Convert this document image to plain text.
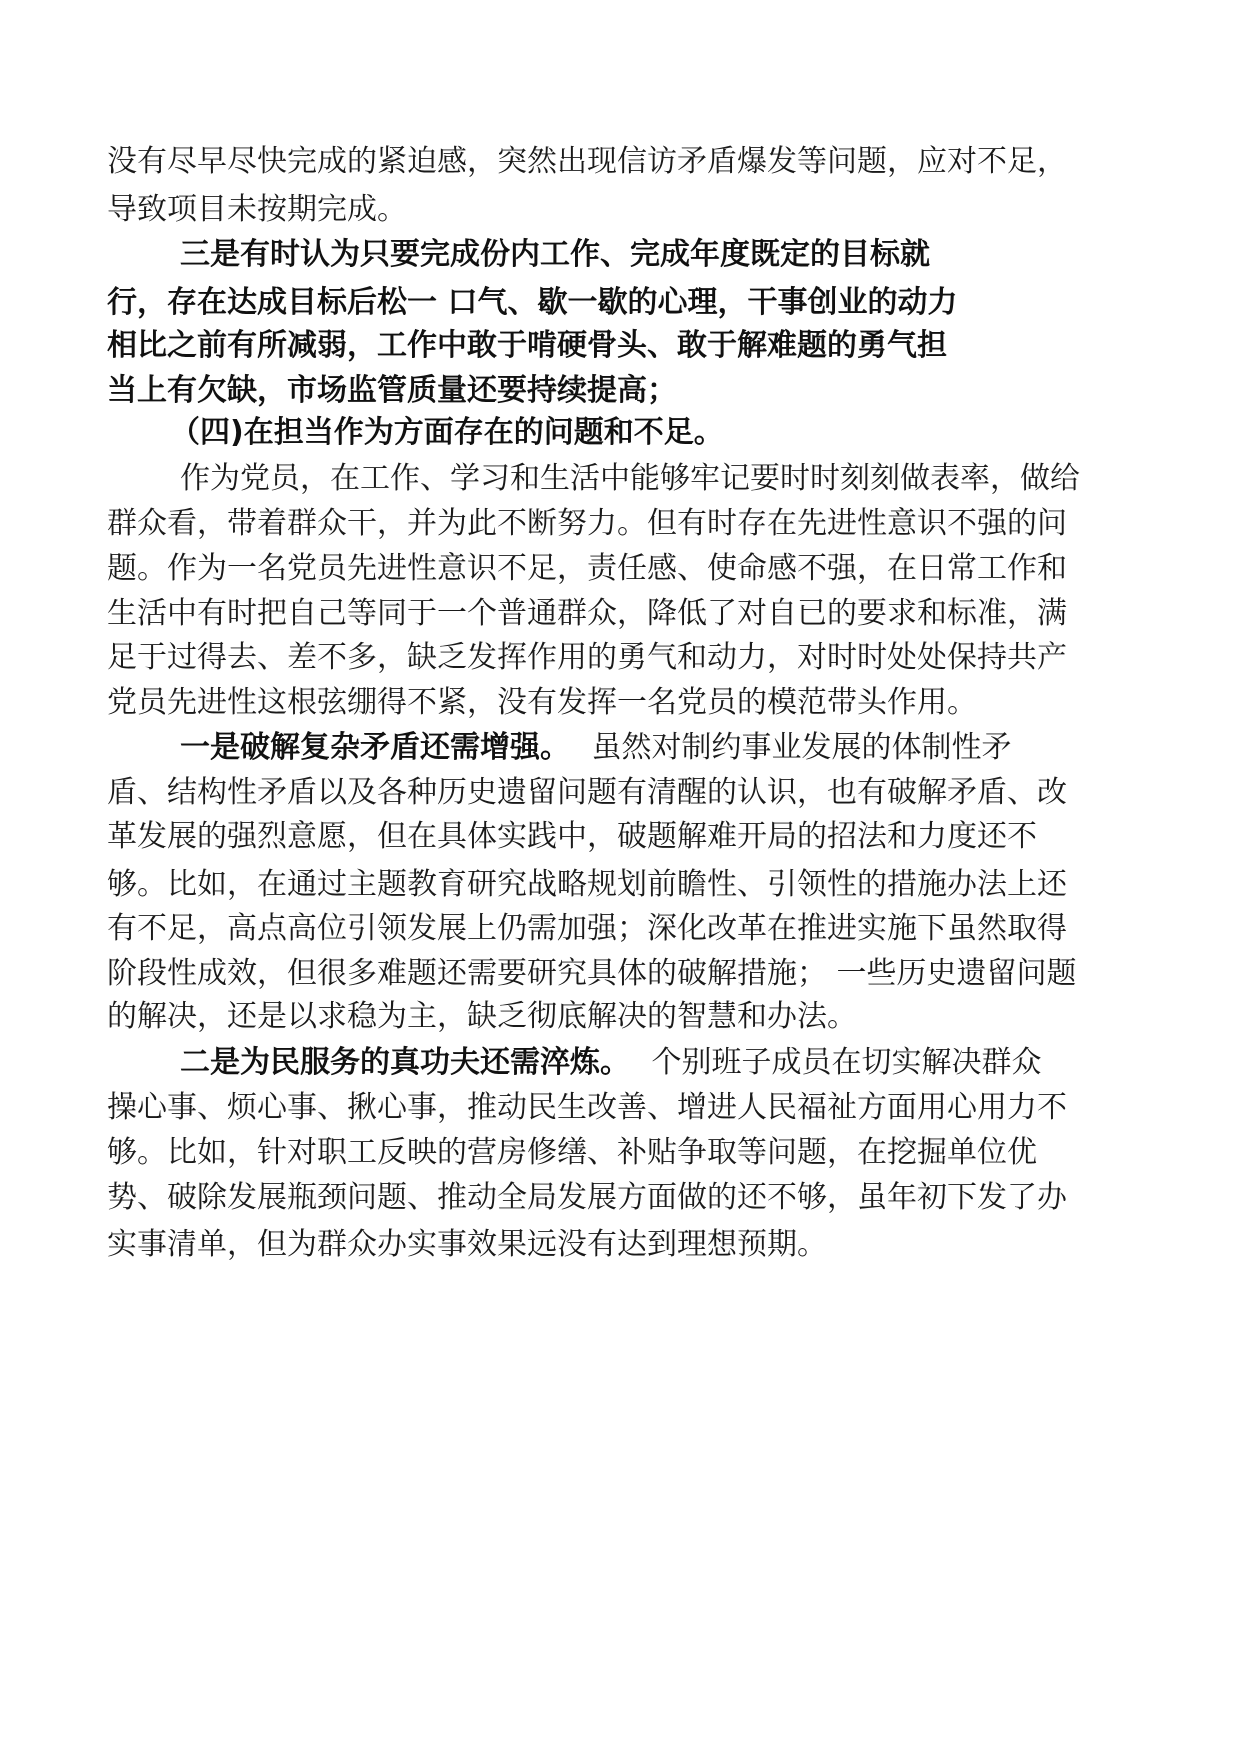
没有尽早尽快完成的紧迫感，突然出现信访矛盾爆发等问题，应对不足，
导致项目未按期完成。
三是有时认为只要完成份内工作、完成年度既定的目标就
行，存在达成目标后松一 口气、歇一歇的心理，干事创业的动力
相比之前有所减弱，工作中敢于啃硬骨头、敢于解难题的勇气担
当上有欠缺，市场监管质量还要持续提高；
（四)在担当作为方面存在的问题和不足。
作为党员，在工作、学习和生活中能够牢记要时时刻刻做表率，做给
群众看，带着群众干，并为此不断努力。但有时存在先进性意识不强的问
题。作为一名党员先进性意识不足，责任感、使命感不强，在日常工作和
生活中有时把自己等同于一个普通群众，降低了对自已的要求和标准，满
足于过得去、差不多，缺乏发挥作用的勇气和动力，对时时处处保持共产
党员先进性这根弦绷得不紧，没有发挥一名党员的模范带头作用。
一是破解复杂矛盾还需增强。 虽然对制约事业发展的体制性矛
盾、结构性矛盾以及各种历史遗留问题有清醒的认识，也有破解矛盾、改
革发展的强烈意愿，但在具体实践中，破题解难开局的招法和力度还不
够。比如，在通过主题教育研究战略规划前瞻性、引领性的措施办法上还
有不足，高点高位引领发展上仍需加强；深化改革在推进实施下虽然取得
阶段性成效，但很多难题还需要研究具体的破解措施； 一些历史遗留问题
的解决，还是以求稳为主，缺乏彻底解决的智慧和办法。
二是为民服务的真功夫还需淬炼。 个别班子成员在切实解决群众
操心事、烦心事、揪心事，推动民生改善、增进人民福祉方面用心用力不
够。比如，针对职工反映的营房修缮、补贴争取等问题，在挖掘单位优
势、破除发展瓶颈问题、推动全局发展方面做的还不够，虽年初下发了办
实事清单，但为群众办实事效果远没有达到理想预期。
